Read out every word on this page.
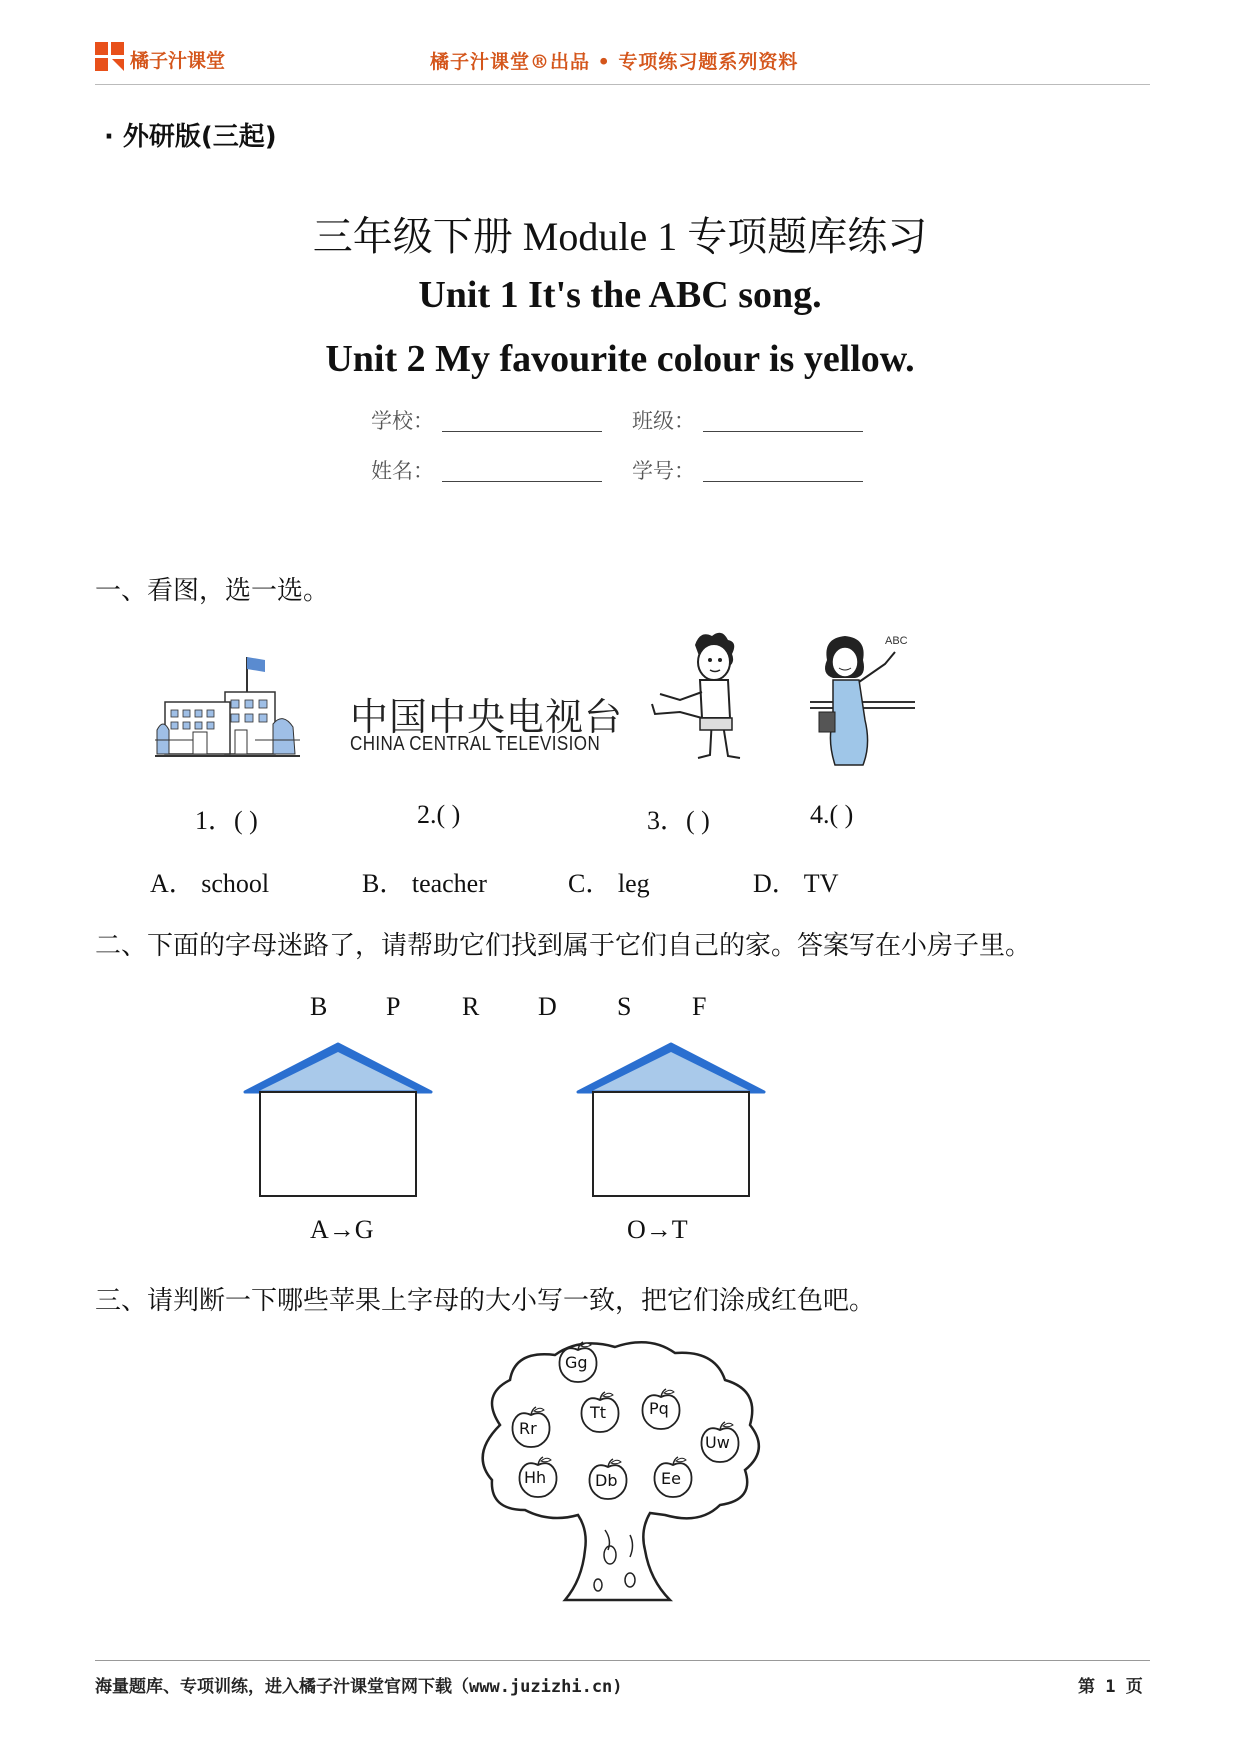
橘子汁课堂	橘子汁课堂®出品 • 专项练习题系列资料
· 外研版(三起)
三年级下册 Module 1 专项题库练习
Unit 1 It's the ABC song.
Unit 2 My favourite colour is yellow.
学校：	班级：
姓名：	学号：
一、看图，选一选。
中国中央电视台
CHINA CENTRAL TELEVISION
ABC
1．( )	2.( )	3．( )	4.( )
A． school	B． teacher	C． leg	D． TV
二、下面的字母迷路了，请帮助它们找到属于它们自己的家。答案写在小房子里。
B P R D S F
A→G	O→T
三、请判断一下哪些苹果上字母的大小写一致，把它们涂成红色吧。
Gg
Rr
Tt	Pq
Uw
Hh	Db	Ee
海量题库、专项训练，进入橘子汁课堂官网下载（www.juzizhi.cn)	第 1 页
